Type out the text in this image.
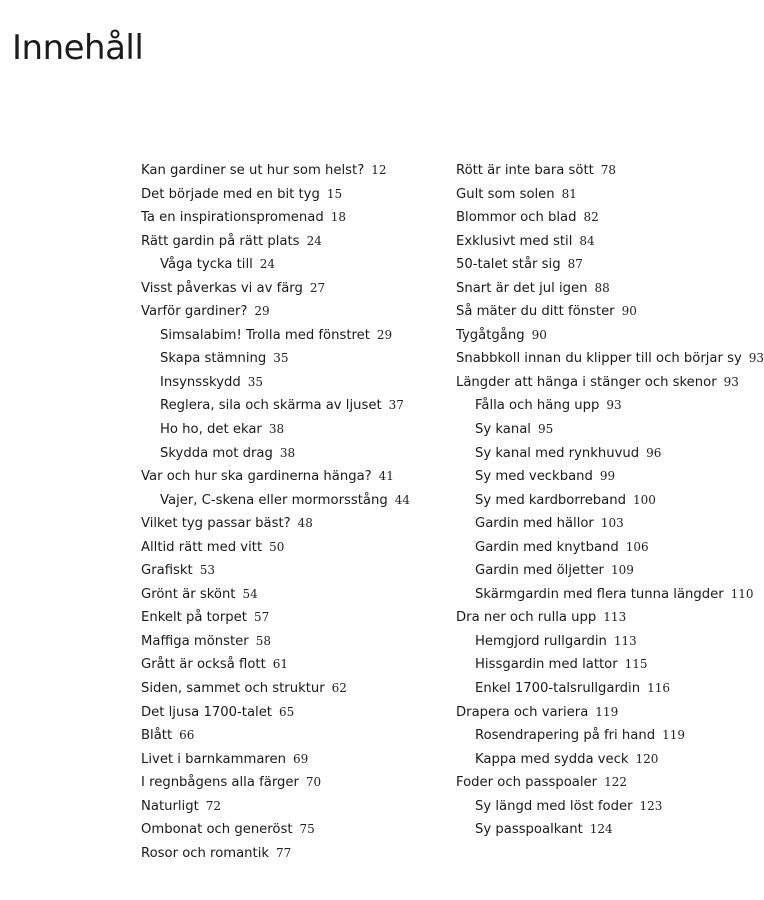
Innehåll
Kan gardiner se ut hur som helst? 12
Det började med en bit tyg 15
Ta en inspirationspromenad 18
Rätt gardin på rätt plats 24
Våga tycka till 24
Visst påverkas vi av färg 27
Varför gardiner? 29
Simsalabim! Trolla med fönstret 29
Skapa stämning 35
Insynsskydd 35
Reglera, sila och skärma av ljuset 37
Ho ho, det ekar 38
Skydda mot drag 38
Var och hur ska gardinerna hänga? 41
Vajer, C-skena eller mormorsstång 44
Vilket tyg passar bäst? 48
Alltid rätt med vitt 50
Grafiskt 53
Grönt är skönt 54
Enkelt på torpet 57
Maffiga mönster 58
Grått är också flott 61
Siden, sammet och struktur 62
Det ljusa 1700-talet 65
Blått 66
Livet i barnkammaren 69
I regnbågens alla färger 70
Naturligt 72
Ombonat och generöst 75
Rosor och romantik 77
Rött är inte bara sött 78
Gult som solen 81
Blommor och blad 82
Exklusivt med stil 84
50-talet står sig 87
Snart är det jul igen 88
Så mäter du ditt fönster 90
Tygåtgång 90
Snabbkoll innan du klipper till och börjar sy 93
Längder att hänga i stänger och skenor 93
Fålla och häng upp 93
Sy kanal 95
Sy kanal med rynkhuvud 96
Sy med veckband 99
Sy med kardborreband 100
Gardin med hällor 103
Gardin med knytband 106
Gardin med öljetter 109
Skärmgardin med flera tunna längder 110
Dra ner och rulla upp 113
Hemgjord rullgardin 113
Hissgardin med lattor 115
Enkel 1700-talsrullgardin 116
Drapera och variera 119
Rosendrapering på fri hand 119
Kappa med sydda veck 120
Foder och passpoaler 122
Sy längd med löst foder 123
Sy passpoalkant 124
